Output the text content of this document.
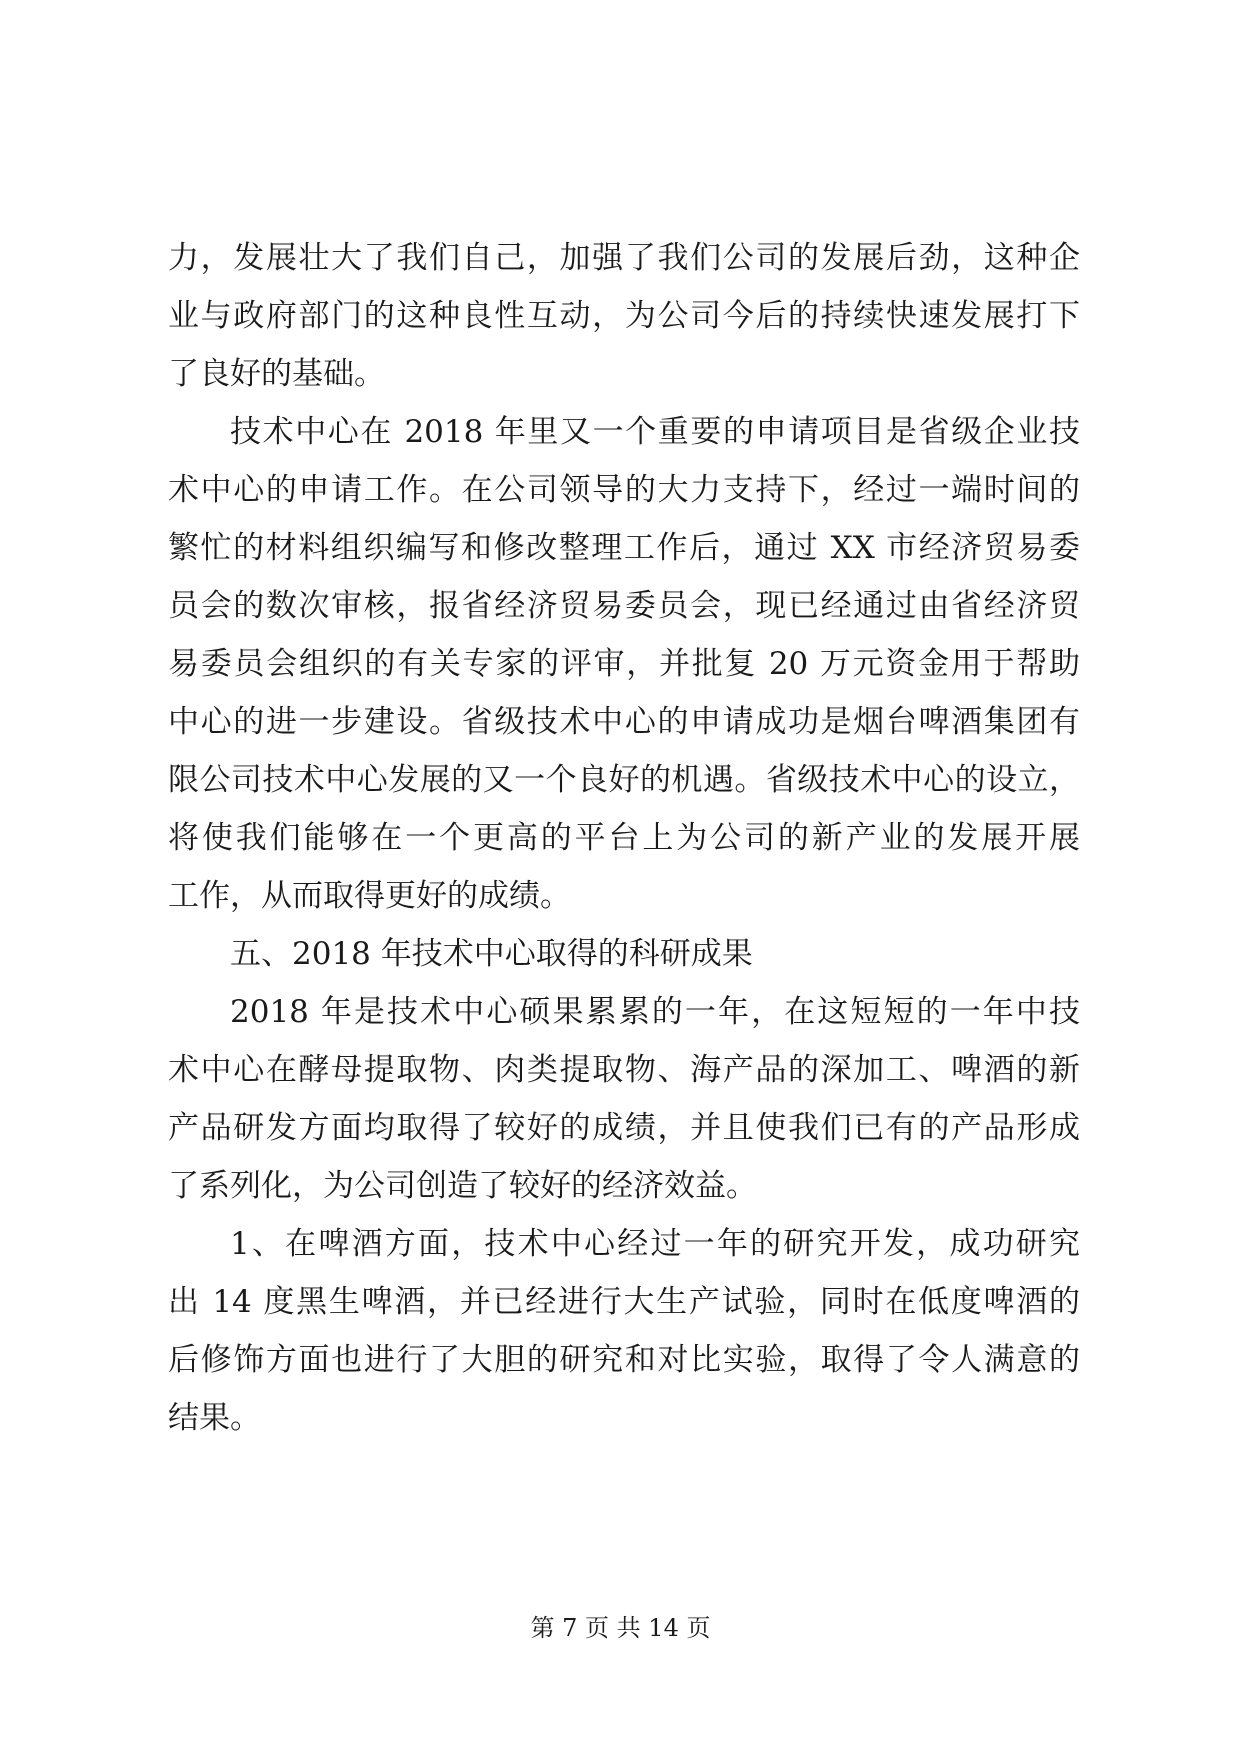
力，发展壮大了我们自己，加强了我们公司的发展后劲，这种企
业与政府部门的这种良性互动，为公司今后的持续快速发展打下
了良好的基础。
技术中心在 2018 年里又一个重要的申请项目是省级企业技
术中心的申请工作。在公司领导的大力支持下，经过一端时间的
繁忙的材料组织编写和修改整理工作后，通过 XX 市经济贸易委
员会的数次审核，报省经济贸易委员会，现已经通过由省经济贸
易委员会组织的有关专家的评审，并批复 20 万元资金用于帮助
中心的进一步建设。省级技术中心的申请成功是烟台啤酒集团有
限公司技术中心发展的又一个良好的机遇。省级技术中心的设立，
将使我们能够在一个更高的平台上为公司的新产业的发展开展
工作，从而取得更好的成绩。
五、2018 年技术中心取得的科研成果
2018 年是技术中心硕果累累的一年，在这短短的一年中技
术中心在酵母提取物、肉类提取物、海产品的深加工、啤酒的新
产品研发方面均取得了较好的成绩，并且使我们已有的产品形成
了系列化，为公司创造了较好的经济效益。
1、在啤酒方面，技术中心经过一年的研究开发，成功研究
出 14 度黑生啤酒，并已经进行大生产试验，同时在低度啤酒的
后修饰方面也进行了大胆的研究和对比实验，取得了令人满意的
结果。
第 7 页 共 14 页
